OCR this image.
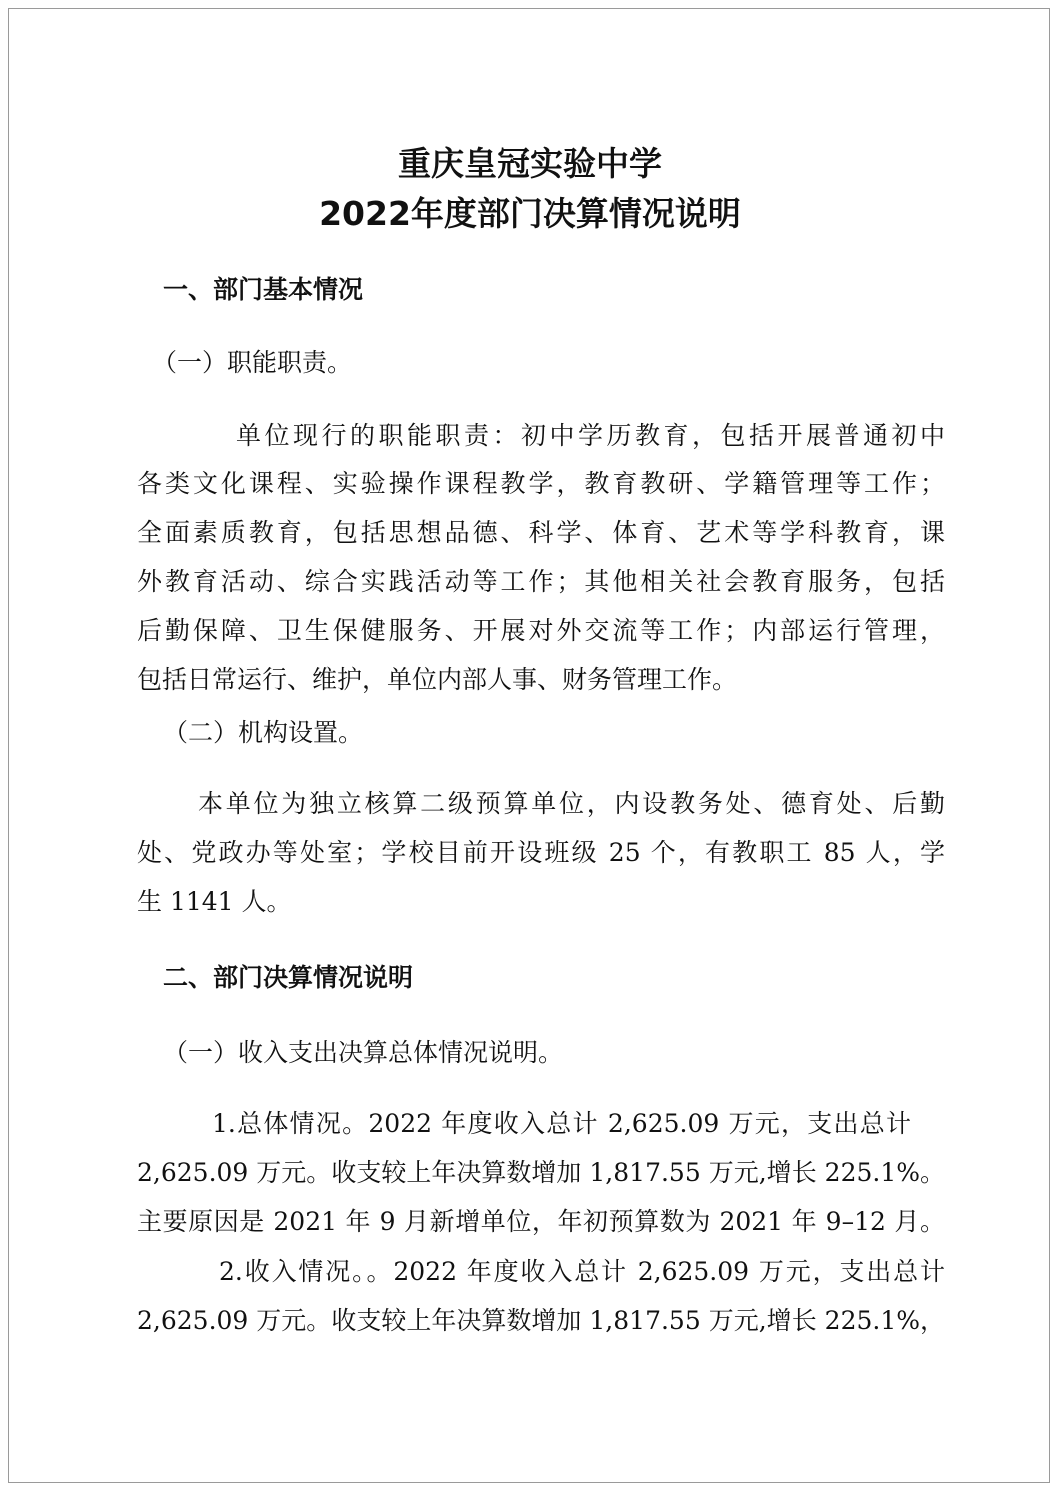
重庆皇冠实验中学
2022年度部门决算情况说明
一、部门基本情况
（一）职能职责。
单位现行的职能职责：初中学历教育，包括开展普通初中
各类文化课程、实验操作课程教学，教育教研、学籍管理等工作；
全面素质教育，包括思想品德、科学、体育、艺术等学科教育，课
外教育活动、综合实践活动等工作；其他相关社会教育服务，包括
后勤保障、卫生保健服务、开展对外交流等工作；内部运行管理，
包括日常运行、维护，单位内部人事、财务管理工作。
（二）机构设置。
本单位为独立核算二级预算单位，内设教务处、德育处、后勤
处、党政办等处室；学校目前开设班级 25 个，有教职工 85 人，学
生 1141 人。
二、部门决算情况说明
（一）收入支出决算总体情况说明。
1.总体情况。2022 年度收入总计 2,625.09 万元，支出总计
2,625.09 万元。收支较上年决算数增加 1,817.55 万元,增长 225.1%。
主要原因是 2021 年 9 月新增单位，年初预算数为 2021 年 9–12 月。
2.收入情况。。2022 年度收入总计 2,625.09 万元，支出总计
2,625.09 万元。收支较上年决算数增加 1,817.55 万元,增长 225.1%，
